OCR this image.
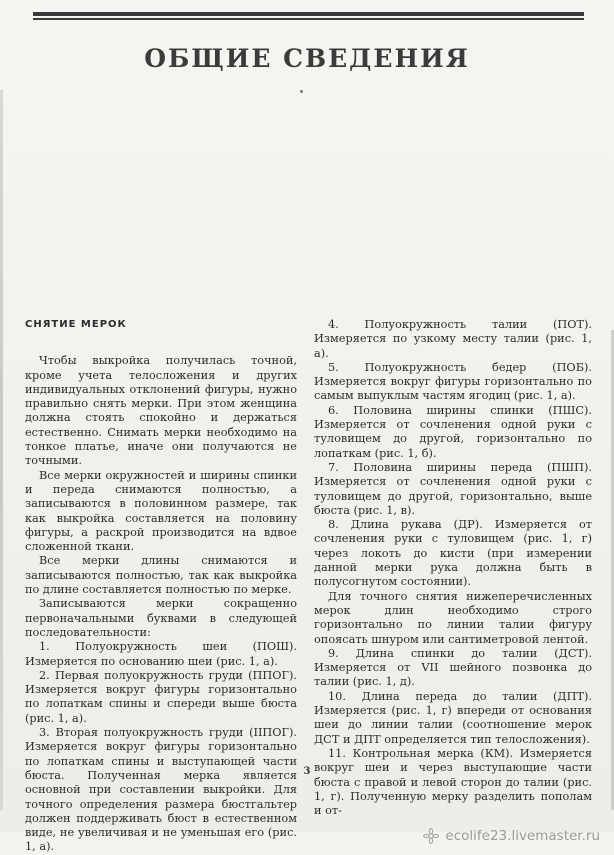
ОБЩИЕ СВЕДЕНИЯ

СНЯТИЕ МЕРОК

Чтобы выкройка получилась точной, кроме учета телосложения и других индивидуальных отклонений фигуры, нужно правильно снять мерки. При этом женщина должна стоять спокойно и держаться естественно. Снимать мерки необходимо на тонкое платье, иначе они получаются не точными.

Все мерки окружностей и ширины спинки и переда снимаются полностью, а записываются в половинном размере, так как выкройка составляется на половину фигуры, а раскрой производится на вдвое сложенной ткани.

Все мерки длины снимаются и записываются полностью, так как выкройка по длине составляется полностью по мерке.

Записываются мерки сокращенно первоначальными буквами в следующей последовательности:

1. Полуокружность шеи (ПОШ). Измеряется по основанию шеи (рис. 1, а).

2. Первая полуокружность груди (ППОГ). Измеряется вокруг фигуры горизонтально по лопаткам спины и спереди выше бюста (рис. 1, а).

3. Вторая полуокружность груди (IIПОГ). Измеряется вокруг фигуры горизонтально по лопаткам спины и выступающей части бюста. Полученная мерка является основной при составлении выкройки. Для точного определения размера бюстгальтер должен поддерживать бюст в естественном виде, не увеличивая и не уменьшая его (рис. 1, а).

4. Полуокружность талии (ПОТ). Измеряется по узкому месту талии (рис. 1, а).

5. Полуокружность бедер (ПОБ). Измеряется вокруг фигуры горизонтально по самым выпуклым частям ягодиц (рис. 1, а).

6. Половина ширины спинки (ПШС). Измеряется от сочленения одной руки с туловищем до другой, горизонтально по лопаткам (рис. 1, б).

7. Половина ширины переда (ПШП). Измеряется от сочленения одной руки с туловищем до другой, горизонтально, выше бюста (рис. 1, в).

8. Длина рукава (ДР). Измеряется от сочленения руки с туловищем (рис. 1, г) через локоть до кисти (при измерении данной мерки рука должна быть в полусогнутом состоянии).

Для точного снятия нижеперечисленных мерок длин необходимо строго горизонтально по линии талии фигуру опоясать шнуром или сантиметровой лентой.

9. Длина спинки до талии (ДСТ). Измеряется от VII шейного позвонка до талии (рис. 1, д).

10. Длина переда до талии (ДПТ). Измеряется (рис. 1, г) впереди от основания шеи до линии талии (соотношение мерок ДСТ и ДПТ определяется тип телосложения).

11. Контрольная мерка (КМ). Измеряется вокруг шеи и через выступающие части бюста с правой и левой сторон до талии (рис. 1, г). Полученную мерку разделить пополам и от-

3
ecolife23.livemaster.ru
